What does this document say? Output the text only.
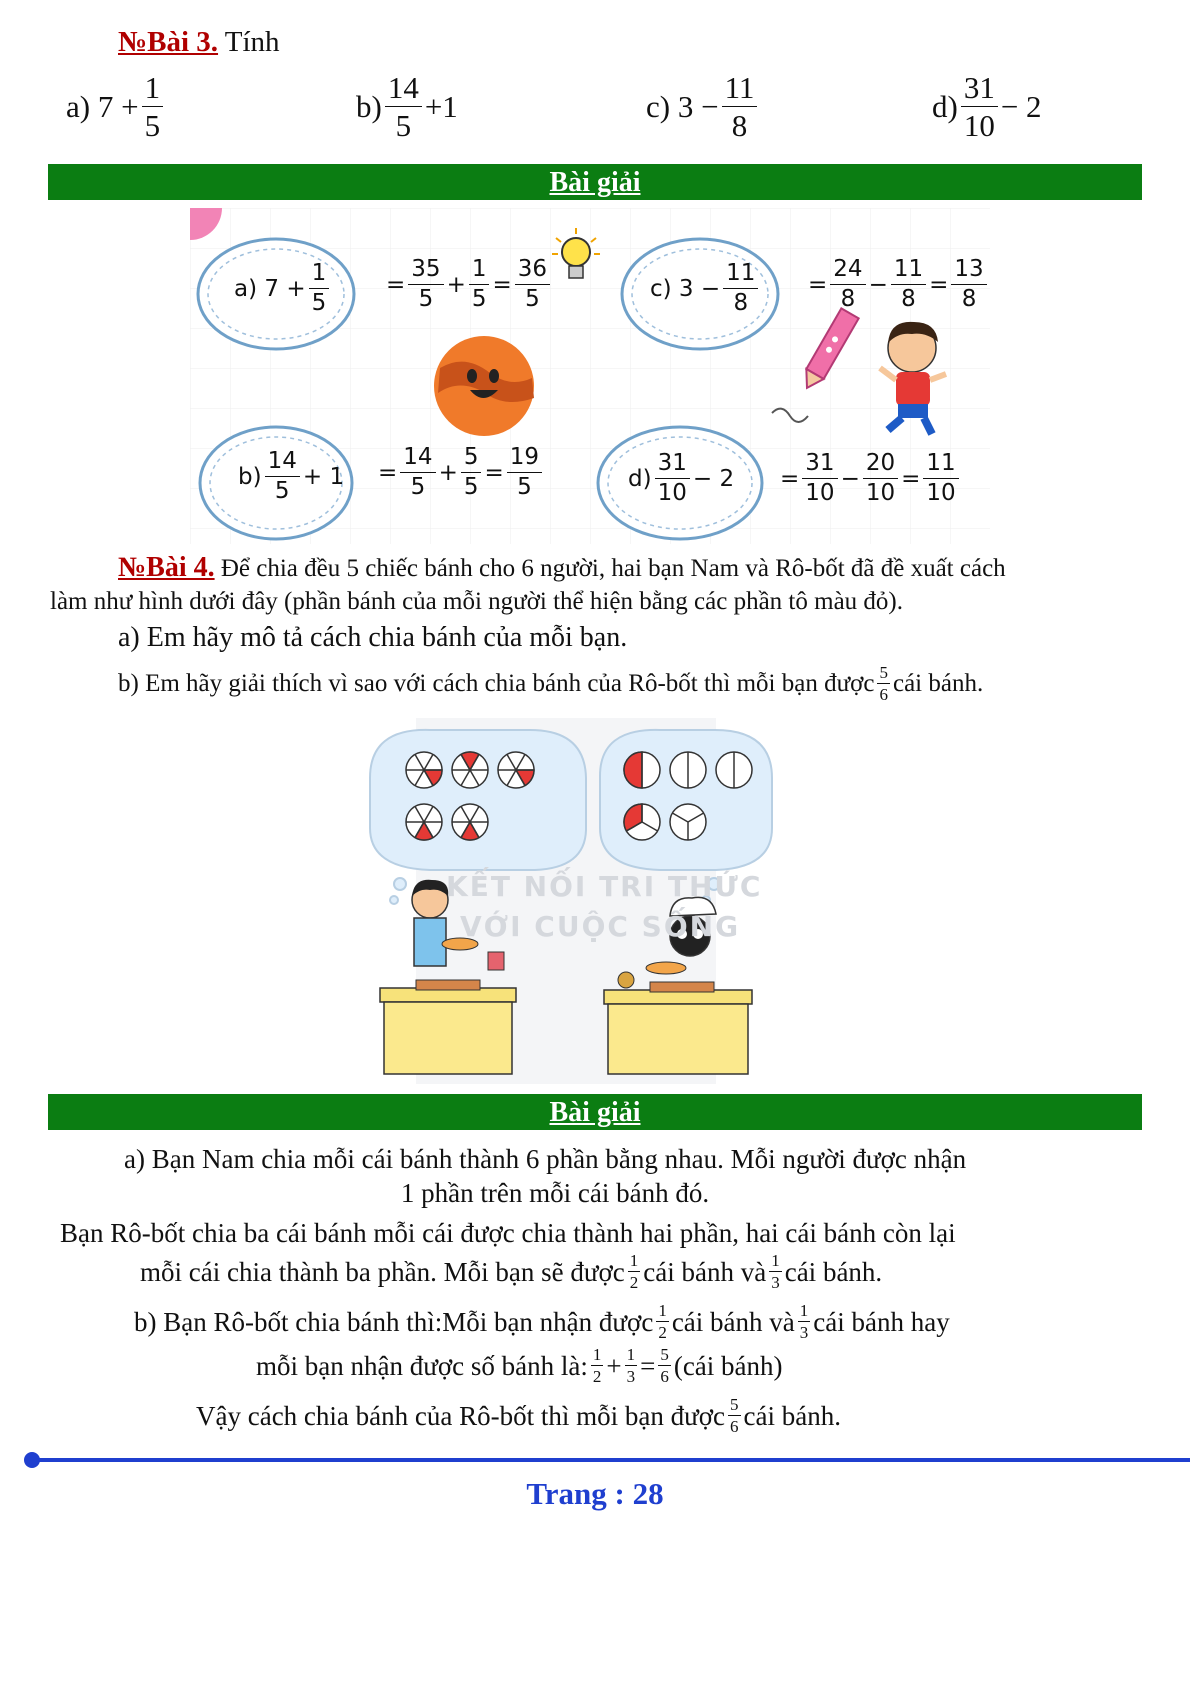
№Bài 3. Tính
a) $7 + \frac{1}{5}$	$b) \frac{14}{5} +1$	c) $3 - \frac{11}{8}$	$d) \frac{31}{10} - 2$
Bài giải
a) $7 + \frac{1}{5} = \frac{35}{5} + \frac{1}{5} = \frac{36}{5}$
$b) \frac{14}{5} + 1 = \frac{14}{5} + \frac{5}{5} = \frac{19}{5}$
c) $3 - \frac{11}{8} = \frac{24}{8} - \frac{11}{8} = \frac{13}{8}$
$d) \frac{31}{10} - 2 = \frac{31}{10} - \frac{20}{10} = \frac{11}{10}$
№Bài 4. Để chia đều 5 chiếc bánh cho 6 người, hai bạn Nam và Rô-bốt đã đề xuất cách
làm như hình dưới đây (phần bánh của mỗi người thể hiện bằng các phần tô màu đỏ).
a) Em hãy mô tả cách chia bánh của mỗi bạn.
b) Em hãy giải thích vì sao với cách chia bánh của Rô-bốt thì mỗi bạn được $\frac{5}{6}$ cái bánh.
KẾT NỐI TRI THỨC
VỚI CUỘC SỐNG
Bài giải
a) Bạn Nam chia mỗi cái bánh thành 6 phần bằng nhau. Mỗi người được nhận
1 phần trên mỗi cái bánh đó.
Bạn Rô-bốt chia ba cái bánh mỗi cái được chia thành hai phần, hai cái bánh còn lại
mỗi cái chia thành ba phần. Mỗi bạn sẽ được $\frac{1}{2}$ cái bánh và $\frac{1}{3}$ cái bánh.
b) Bạn Rô-bốt chia bánh thì:Mỗi bạn nhận được $\frac{1}{2}$ cái bánh và $\frac{1}{3}$ cái bánh hay
mỗi bạn nhận được số bánh là: $\frac{1}{2} + \frac{1}{3} = \frac{5}{6}$ (cái bánh)
Vậy cách chia bánh của Rô-bốt thì mỗi bạn được $\frac{5}{6}$ cái bánh.
Trang : 28
